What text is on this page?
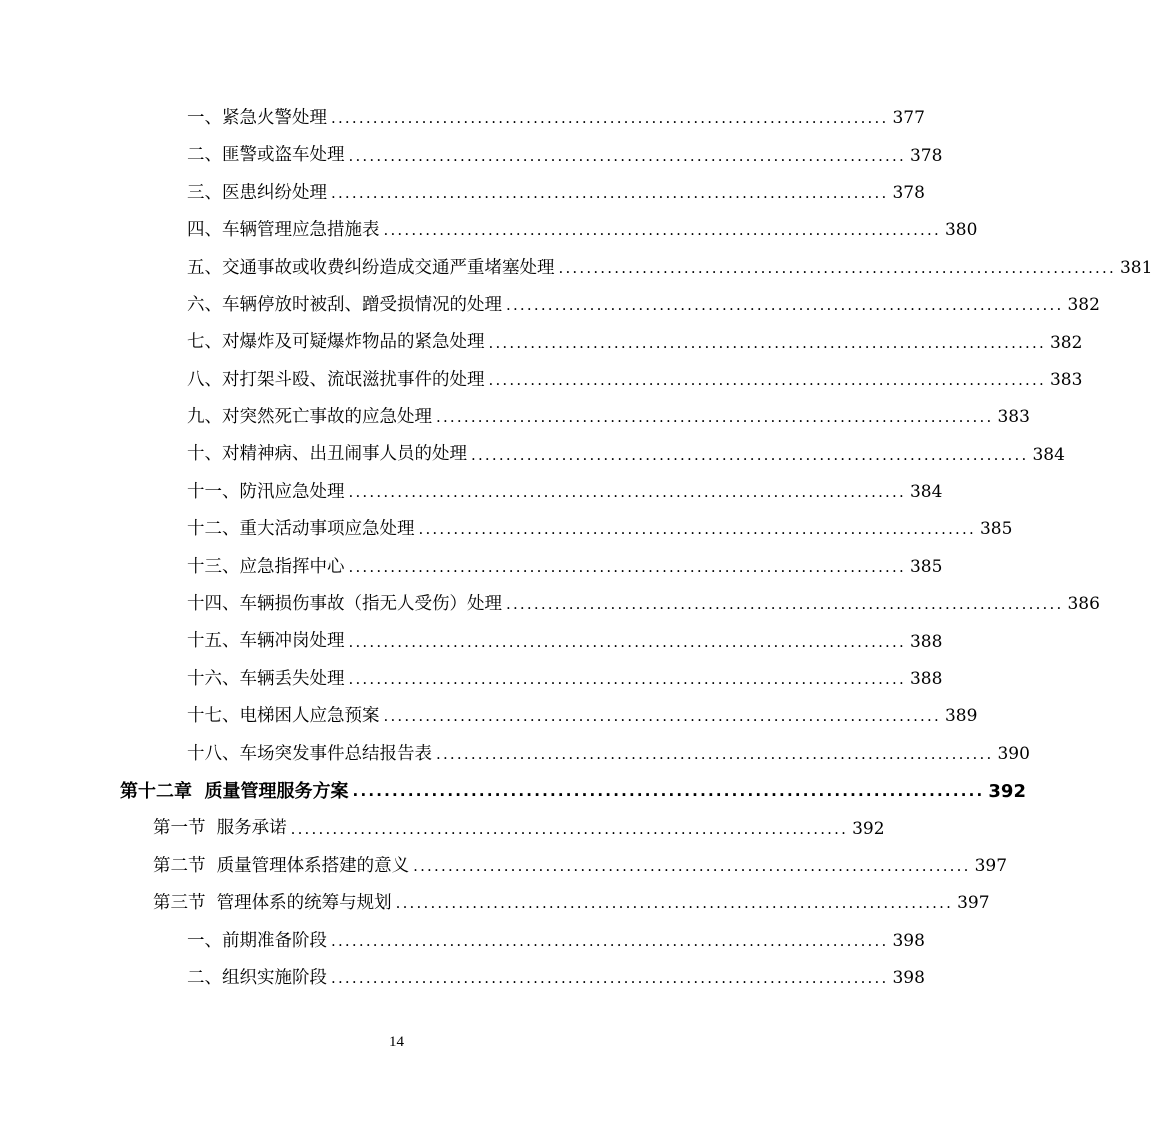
一、紧急火警处理 ................................................................................ 377
二、匪警或盗车处理 ................................................................................ 378
三、医患纠纷处理 ................................................................................ 378
四、车辆管理应急措施表 ................................................................................ 380
五、交通事故或收费纠纷造成交通严重堵塞处理 ................................................................................ 381
六、车辆停放时被刮、蹭受损情况的处理 ................................................................................ 382
七、对爆炸及可疑爆炸物品的紧急处理 ................................................................................ 382
八、对打架斗殴、流氓滋扰事件的处理 ................................................................................ 383
九、对突然死亡事故的应急处理 ................................................................................ 383
十、对精神病、出丑闹事人员的处理 ................................................................................ 384
十一、防汛应急处理 ................................................................................ 384
十二、重大活动事项应急处理 ................................................................................ 385
十三、应急指挥中心 ................................................................................ 385
十四、车辆损伤事故（指无人受伤）处理 ................................................................................ 386
十五、车辆冲岗处理 ................................................................................ 388
十六、车辆丢失处理 ................................................................................ 388
十七、电梯困人应急预案 ................................................................................ 389
十八、车场突发事件总结报告表 ................................................................................ 390
第十二章  质量管理服务方案 ................................................................................ 392
第一节  服务承诺 ................................................................................ 392
第二节  质量管理体系搭建的意义 ................................................................................ 397
第三节  管理体系的统筹与规划 ................................................................................ 397
一、前期准备阶段 ................................................................................ 398
二、组织实施阶段 ................................................................................ 398
14
